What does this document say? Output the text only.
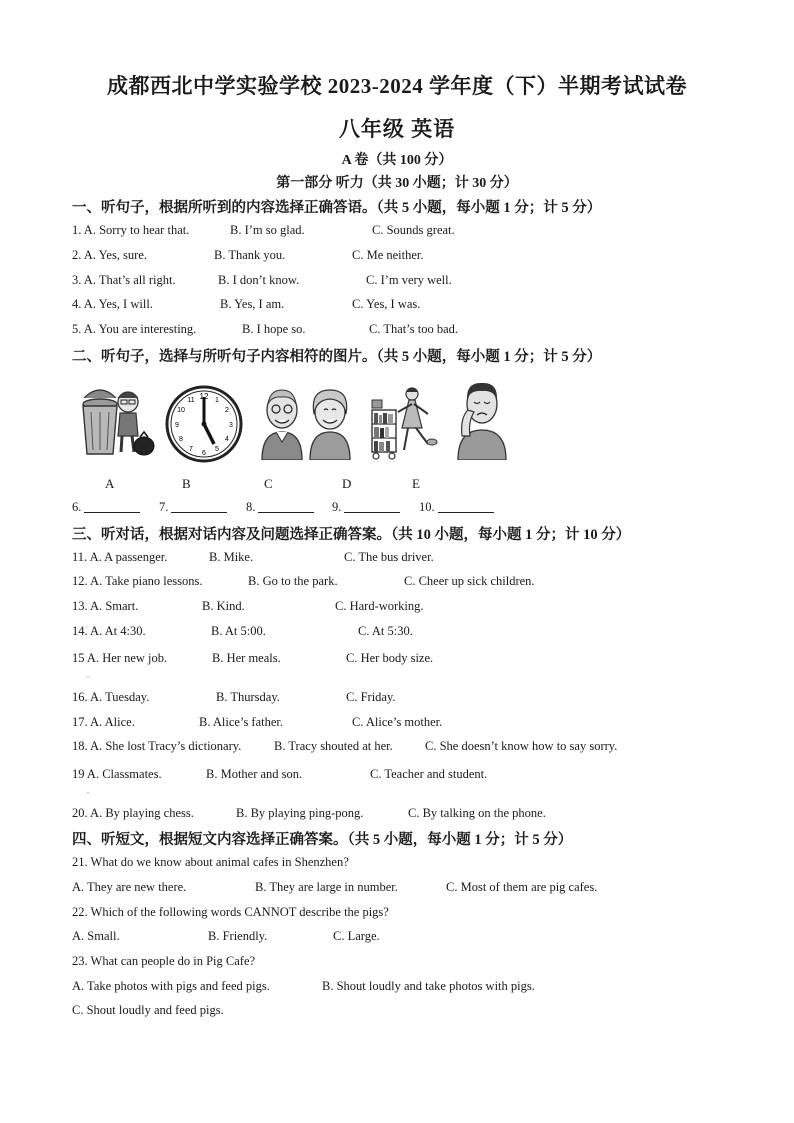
成都西北中学实验学校 2023-2024 学年度（下）半期考试试卷
八年级 英语
A 卷（共 100 分）
第一部分 听力（共 30 小题；计 30 分）
一、听句子，根据所听到的内容选择正确答语。（共 5 小题，每小题 1 分；计 5 分）
1. A. Sorry to hear that.	B. I’m so glad.	C. Sounds great.
2. A. Yes, sure.	B. Thank you.	C. Me neither.
3. A. That’s all right.	B. I don’t know.	C. I’m very well.
4. A. Yes, I will.	B. Yes, I am.	C. Yes, I was.
5. A. You are interesting.	B. I hope so.	C. That’s too bad.
二、听句子，选择与所听句子内容相符的图片。（共 5 小题，每小题 1 分；计 5 分）
12 1
2
3
4
5
6
7
8
9
10
11
A	B	C	D	E
6.	7.	8.	9.	10.
三、听对话，根据对话内容及问题选择正确答案。（共 10 小题，每小题 1 分；计 10 分）
11. A. A passenger.	B. Mike.	C. The bus driver.
12. A. Take piano lessons.	B. Go to the park.	C. Cheer up sick children.
13. A. Smart.	B. Kind.	C. Hard-working.
14. A. At 4:30.	B. At 5:00.	C. At 5:30.
15 A. Her new job.	B. Her meals.	C. Her body size.
.
16. A. Tuesday.	B. Thursday.	C. Friday.
17. A. Alice.	B. Alice’s father.	C. Alice’s mother.
18. A. She lost Tracy’s dictionary.	B. Tracy shouted at her.	C. She doesn’t know how to say sorry.
19 A. Classmates.	B. Mother and son.	C. Teacher and student.
.
20. A. By playing chess.	B. By playing ping-pong.	C. By talking on the phone.
四、听短文，根据短文内容选择正确答案。（共 5 小题，每小题 1 分；计 5 分）
21. What do we know about animal cafes in Shenzhen?
A. They are new there.	B. They are large in number.	C. Most of them are pig cafes.
22. Which of the following words CANNOT describe the pigs?
A. Small.	B. Friendly.	C. Large.
23. What can people do in Pig Cafe?
A. Take photos with pigs and feed pigs.	B. Shout loudly and take photos with pigs.
C. Shout loudly and feed pigs.
